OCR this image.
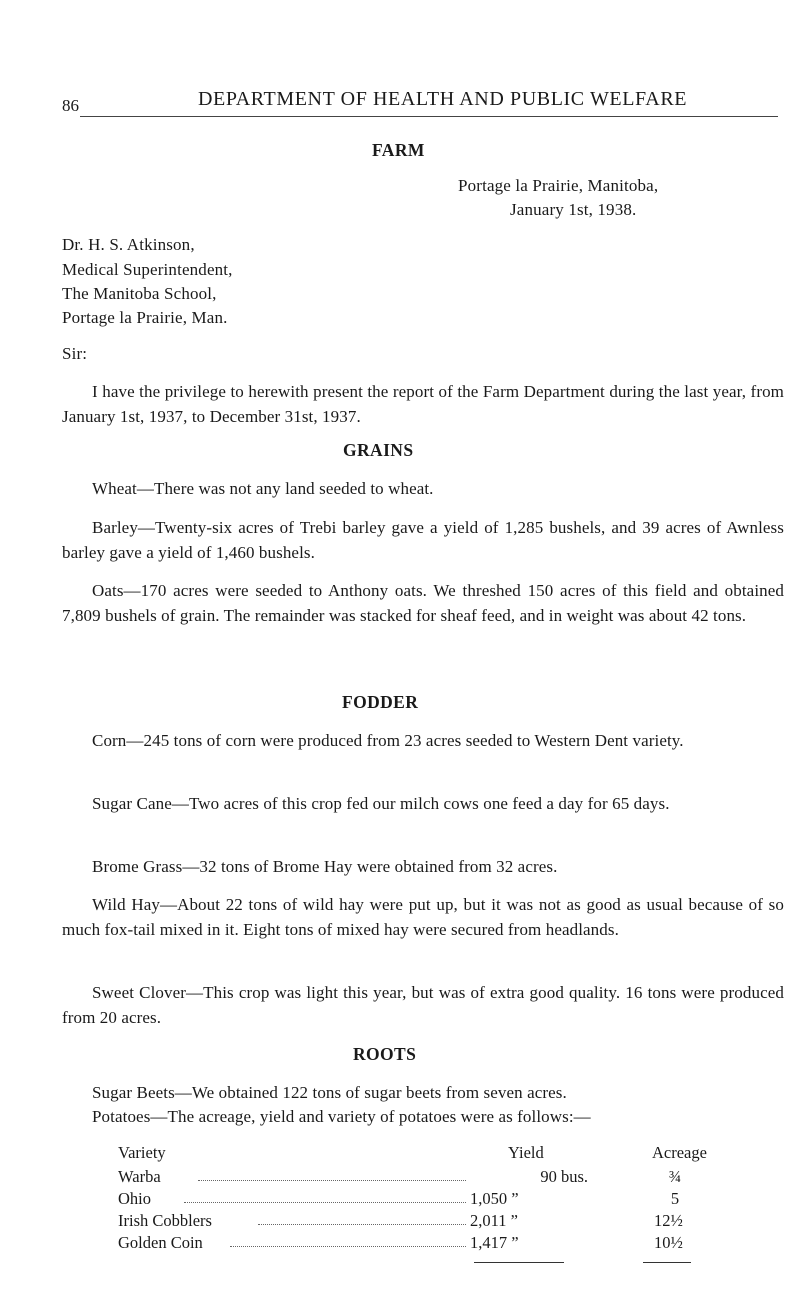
86	DEPARTMENT OF HEALTH AND PUBLIC WELFARE
FARM
Portage la Prairie, Manitoba,
January 1st, 1938.
Dr. H. S. Atkinson,
Medical Superintendent,
The Manitoba School,
Portage la Prairie, Man.
Sir:
I have the privilege to herewith present the report of the Farm Department during the last year, from January 1st, 1937, to December 31st, 1937.
GRAINS
Wheat—There was not any land seeded to wheat.
Barley—Twenty-six acres of Trebi barley gave a yield of 1,285 bushels, and 39 acres of Awnless barley gave a yield of 1,460 bushels.
Oats—170 acres were seeded to Anthony oats. We threshed 150 acres of this field and obtained 7,809 bushels of grain. The remainder was stacked for sheaf feed, and in weight was about 42 tons.
FODDER
Corn—245 tons of corn were produced from 23 acres seeded to Western Dent variety.
Sugar Cane—Two acres of this crop fed our milch cows one feed a day for 65 days.
Brome Grass—32 tons of Brome Hay were obtained from 32 acres.
Wild Hay—About 22 tons of wild hay were put up, but it was not as good as usual because of so much fox-tail mixed in it. Eight tons of mixed hay were secured from headlands.
Sweet Clover—This crop was light this year, but was of extra good quality. 16 tons were produced from 20 acres.
ROOTS
Sugar Beets—We obtained 122 tons of sugar beets from seven acres.
Potatoes—The acreage, yield and variety of potatoes were as follows:—
Variety	Yield	Acreage
Warba	90 bus.	¾
Ohio	1,050 ”	5
Irish Cobblers	2,011 ”	12½
Golden Coin	1,417 ”	10½
